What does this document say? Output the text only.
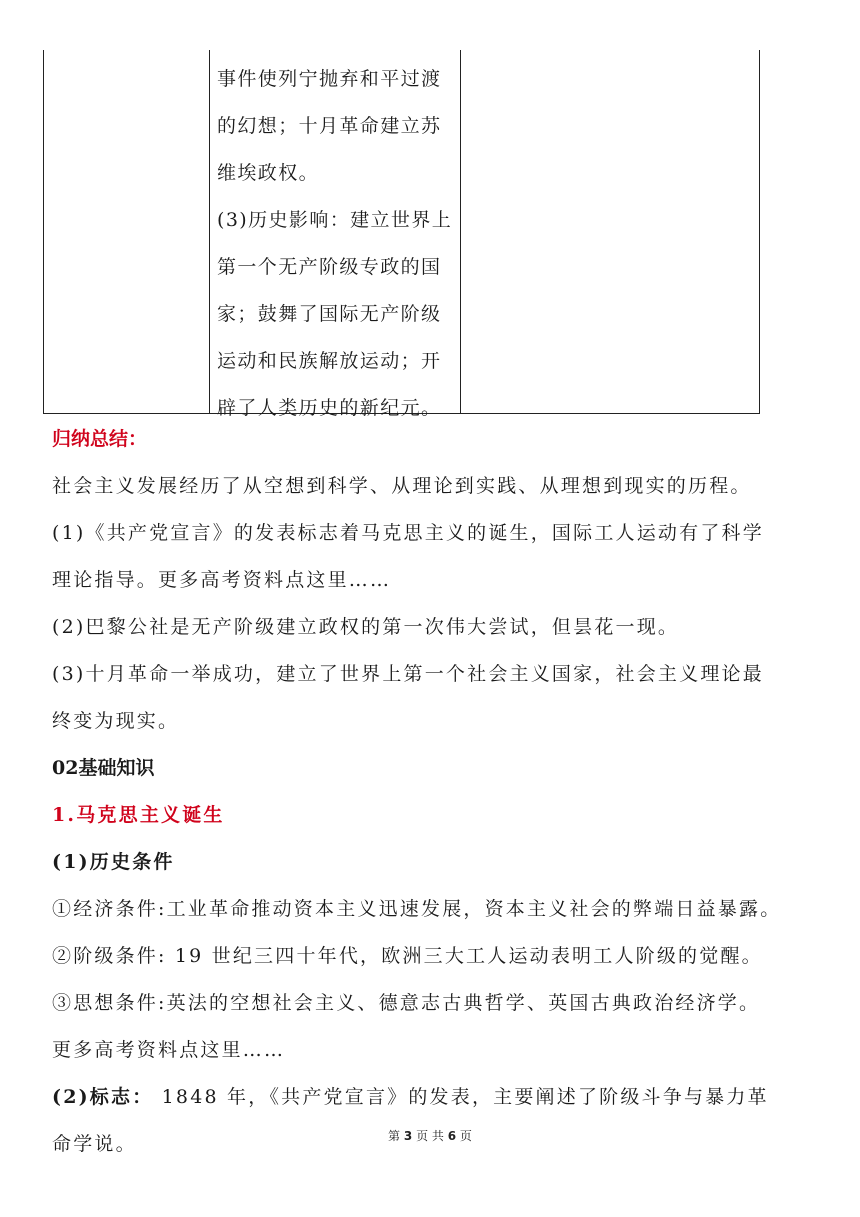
事件使列宁抛弃和平过渡
的幻想；十月革命建立苏
维埃政权。
(3)历史影响：建立世界上
第一个无产阶级专政的国
家；鼓舞了国际无产阶级
运动和民族解放运动；开
辟了人类历史的新纪元。
归纳总结：
社会主义发展经历了从空想到科学、从理论到实践、从理想到现实的历程。
(1)《共产党宣言》的发表标志着马克思主义的诞生，国际工人运动有了科学
理论指导。更多高考资料点这里……
(2)巴黎公社是无产阶级建立政权的第一次伟大尝试，但昙花一现。
(3)十月革命一举成功，建立了世界上第一个社会主义国家，社会主义理论最
终变为现实。
02基础知识
1.马克思主义诞生
(1)历史条件
①经济条件:工业革命推动资本主义迅速发展，资本主义社会的弊端日益暴露。
②阶级条件: 19 世纪三四十年代，欧洲三大工人运动表明工人阶级的觉醒。
③思想条件:英法的空想社会主义、德意志古典哲学、英国古典政治经济学。
更多高考资料点这里……
(2)标志： 1848 年，《共产党宣言》的发表，主要阐述了阶级斗争与暴力革
命学说。	第 3 页 共 6 页
